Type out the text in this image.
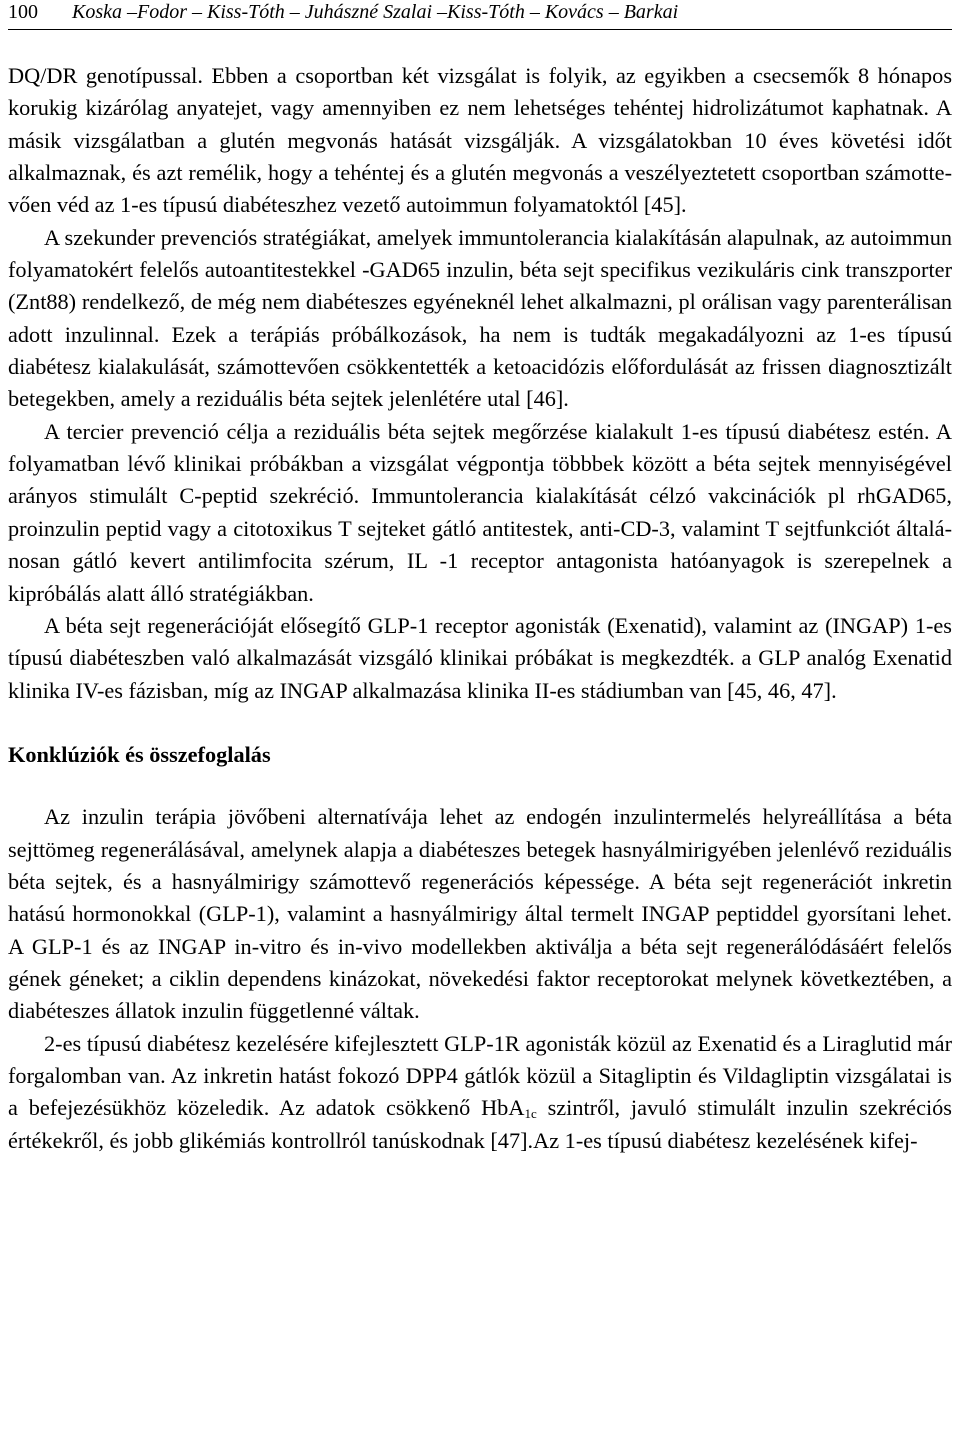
100 Koska –Fodor – Kiss-Tóth – Juhászné Szalai –Kiss-Tóth – Kovács – Barkai

DQ/DR genotípussal. Ebben a csoportban két vizsgálat is folyik, az egyikben a csecsemők 8 hónapos korukig kizárólag anyatejet, vagy amennyiben ez nem lehetséges tehéntej hidrolizátumot kaphatnak. A másik vizsgálatban a glutén megvonás hatását vizsgálják. A vizsgálatokban 10 éves követési időt alkalmaznak, és azt remélik, hogy a tehéntej és a glutén megvonás a veszélyeztetett csoportban számottevően véd az 1-es típusú diabéteszhez vezető autoimmun folyamatoktól [45].

A szekunder prevenciós stratégiákat, amelyek immuntolerancia kialakításán alapulnak, az autoimmun folyamatokért felelős autoantitestekkel -GAD65 inzulin, béta sejt specifikus vezikuláris cink transzporter (Znt88) rendelkező, de még nem diabéteszes egyéneknél lehet alkalmazni, pl orálisan vagy parenterálisan adott inzulinnal. Ezek a terápiás próbálkozások, ha nem is tudták megakadályozni az 1-es típusú diabétesz kialakulását, számottevően csökkentették a ketoacidózis előfordulását az frissen diagnosztizált betegekben, amely a reziduális béta sejtek jelenlétére utal [46].

A tercier prevenció célja a reziduális béta sejtek megőrzése kialakult 1-es típusú diabétesz estén. A folyamatban lévő klinikai próbákban a vizsgálat végpontja többbek között a béta sejtek mennyiségével arányos stimulált C-peptid szekréció. Immuntolerancia kialakítását célzó vakcinációk pl rhGAD65, proinzulin peptid vagy a citotoxikus T sejteket gátló antitestek, anti-CD-3, valamint T sejtfunkciót általánosan gátló kevert antilimfocita szérum, IL -1 receptor antagonista hatóanyagok is szerepelnek a kipróbálás alatt álló stratégiákban.

A béta sejt regenerációját elősegítő GLP-1 receptor agonisták (Exenatid), valamint az (INGAP) 1-es típusú diabéteszben való alkalmazását vizsgáló klinikai próbákat is megkezdték. a GLP analóg Exenatid klinika IV-es fázisban, míg az INGAP alkalmazása klinika II-es stádiumban van [45, 46, 47].

Konklúziók és összefoglalás

Az inzulin terápia jövőbeni alternatívája lehet az endogén inzulintermelés helyreállítása a béta sejttömeg regenerálásával, amelynek alapja a diabéteszes betegek hasnyálmirigyében jelenlévő reziduális béta sejtek, és a hasnyálmirigy számottevő regenerációs képessége. A béta sejt regenerációt inkretin hatású hormonokkal (GLP-1), valamint a hasnyálmirigy által termelt INGAP peptiddel gyorsítani lehet. A GLP-1 és az INGAP in-vitro és in-vivo modellekben aktiválja a béta sejt regenerálódásáért felelős gének géneket; a ciklin dependens kinázokat, növekedési faktor receptorokat melynek következtében, a diabéteszes állatok inzulin függetlenné váltak.

2-es típusú diabétesz kezelésére kifejlesztett GLP-1R agonisták közül az Exenatid és a Liraglutid már forgalomban van. Az inkretin hatást fokozó DPP4 gátlók közül a Sitagliptin és Vildagliptin vizsgálatai is a befejezésükhöz közeledik. Az adatok csökkenő HbA$_{1c}$ szintről, javuló stimulált inzulin szekréciós értékekről, és jobb glikémiás kontrollról tanúskodnak [47].Az 1-es típusú diabétesz kezelésének kifej-
